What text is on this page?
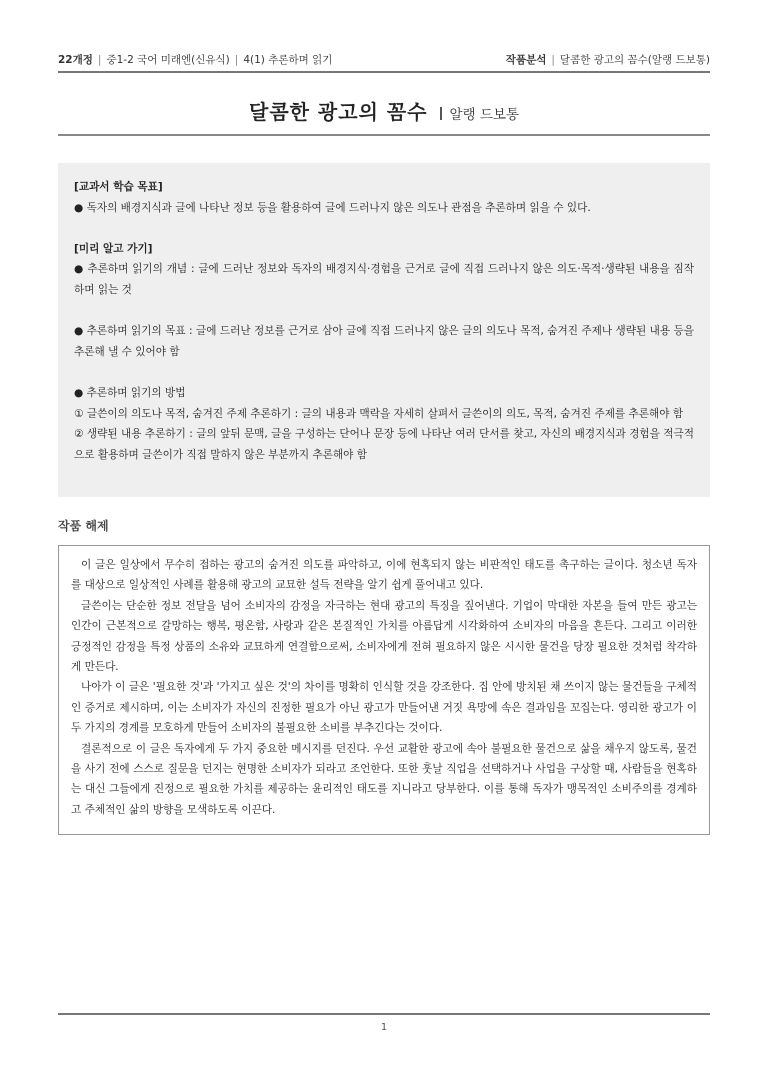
22개정 | 중1-2 국어 미래엔(신유식) | 4(1) 추론하며 읽기	작품분석 | 달콤한 광고의 꼼수(알랭 드보통)
달콤한 광고의 꼼수 알랭 드보통

[교과서 학습 목표]

● 독자의 배경지식과 글에 나타난 정보 등을 활용하여 글에 드러나지 않은 의도나 관점을 추론하며 읽을 수 있다.

[미리 알고 가기]

● 추론하며 읽기의 개념 : 글에 드러난 정보와 독자의 배경지식·경험을 근거로 글에 직접 드러나지 않은 의도·목적·생략된 내용을 짐작하며 읽는 것

● 추론하며 읽기의 목표 : 글에 드러난 정보를 근거로 삼아 글에 직접 드러나지 않은 글의 의도나 목적, 숨겨진 주제나 생략된 내용 등을 추론해 낼 수 있어야 함

● 추론하며 읽기의 방법

① 글쓴이의 의도나 목적, 숨겨진 주제 추론하기 : 글의 내용과 맥락을 자세히 살펴서 글쓴이의 의도, 목적, 숨겨진 주제를 추론해야 함

② 생략된 내용 추론하기 : 글의 앞뒤 문맥, 글을 구성하는 단어나 문장 등에 나타난 여러 단서를 찾고, 자신의 배경지식과 경험을 적극적으로 활용하며 글쓴이가 직접 말하지 않은 부분까지 추론해야 함

작품 해제

이 글은 일상에서 무수히 접하는 광고의 숨겨진 의도를 파악하고, 이에 현혹되지 않는 비판적인 태도를 촉구하는 글이다. 청소년 독자를 대상으로 일상적인 사례를 활용해 광고의 교묘한 설득 전략을 알기 쉽게 풀어내고 있다.

글쓴이는 단순한 정보 전달을 넘어 소비자의 감정을 자극하는 현대 광고의 특징을 짚어낸다. 기업이 막대한 자본을 들여 만든 광고는 인간이 근본적으로 갈망하는 행복, 평온함, 사랑과 같은 본질적인 가치를 아름답게 시각화하여 소비자의 마음을 흔든다. 그리고 이러한 긍정적인 감정을 특정 상품의 소유와 교묘하게 연결함으로써, 소비자에게 전혀 필요하지 않은 시시한 물건을 당장 필요한 것처럼 착각하게 만든다.

나아가 이 글은 '필요한 것'과 '가지고 싶은 것'의 차이를 명확히 인식할 것을 강조한다. 집 안에 방치된 채 쓰이지 않는 물건들을 구체적인 증거로 제시하며, 이는 소비자가 자신의 진정한 필요가 아닌 광고가 만들어낸 거짓 욕망에 속은 결과임을 꼬집는다. 영리한 광고가 이 두 가지의 경계를 모호하게 만들어 소비자의 불필요한 소비를 부추긴다는 것이다.

결론적으로 이 글은 독자에게 두 가지 중요한 메시지를 던진다. 우선 교활한 광고에 속아 불필요한 물건으로 삶을 채우지 않도록, 물건을 사기 전에 스스로 질문을 던지는 현명한 소비자가 되라고 조언한다. 또한 훗날 직업을 선택하거나 사업을 구상할 때, 사람들을 현혹하는 대신 그들에게 진정으로 필요한 가치를 제공하는 윤리적인 태도를 지니라고 당부한다. 이를 통해 독자가 맹목적인 소비주의를 경계하고 주체적인 삶의 방향을 모색하도록 이끈다.

1
